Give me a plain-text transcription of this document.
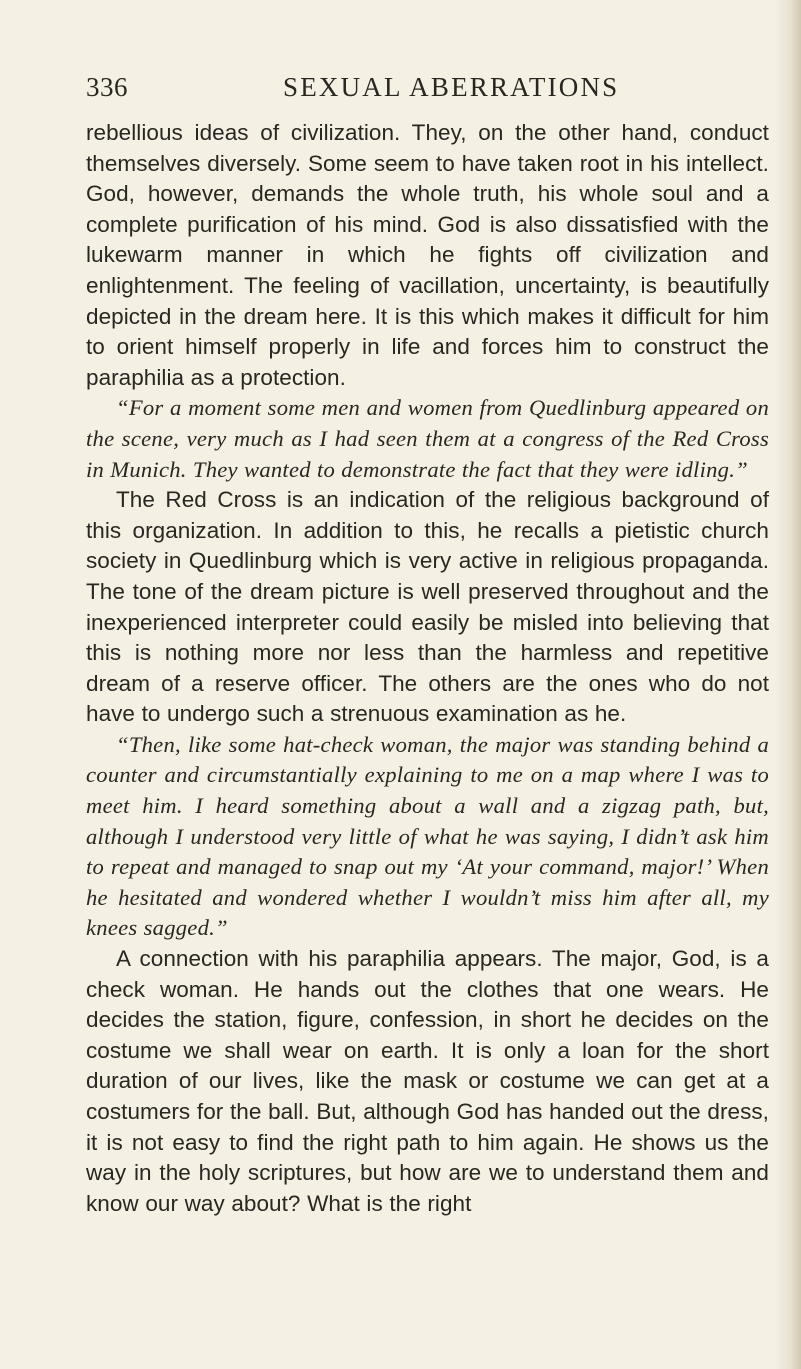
336	SEXUAL ABERRATIONS

rebellious ideas of civilization. They, on the other hand, conduct themselves diversely. Some seem to have taken root in his intellect. God, however, demands the whole truth, his whole soul and a complete purification of his mind. God is also dissatisfied with the lukewarm manner in which he fights off civilization and enlightenment. The feeling of vacillation, uncertainty, is beautifully depicted in the dream here. It is this which makes it difficult for him to orient himself properly in life and forces him to construct the paraphilia as a protection.

“For a moment some men and women from Quedlinburg appeared on the scene, very much as I had seen them at a congress of the Red Cross in Munich. They wanted to demonstrate the fact that they were idling.”

The Red Cross is an indication of the religious background of this organization. In addition to this, he recalls a pietistic church society in Quedlinburg which is very active in religious propaganda. The tone of the dream picture is well preserved throughout and the inexperienced interpreter could easily be misled into believing that this is nothing more nor less than the harmless and repetitive dream of a reserve officer. The others are the ones who do not have to undergo such a strenuous examination as he.

“Then, like some hat-check woman, the major was standing behind a counter and circumstantially explaining to me on a map where I was to meet him. I heard something about a wall and a zigzag path, but, although I understood very little of what he was saying, I didn’t ask him to repeat and managed to snap out my ‘At your command, major!’ When he hesitated and wondered whether I wouldn’t miss him after all, my knees sagged.”

A connection with his paraphilia appears. The major, God, is a check woman. He hands out the clothes that one wears. He decides the station, figure, confession, in short he decides on the costume we shall wear on earth. It is only a loan for the short duration of our lives, like the mask or costume we can get at a costumers for the ball. But, although God has handed out the dress, it is not easy to find the right path to him again. He shows us the way in the holy scriptures, but how are we to understand them and know our way about? What is the right
